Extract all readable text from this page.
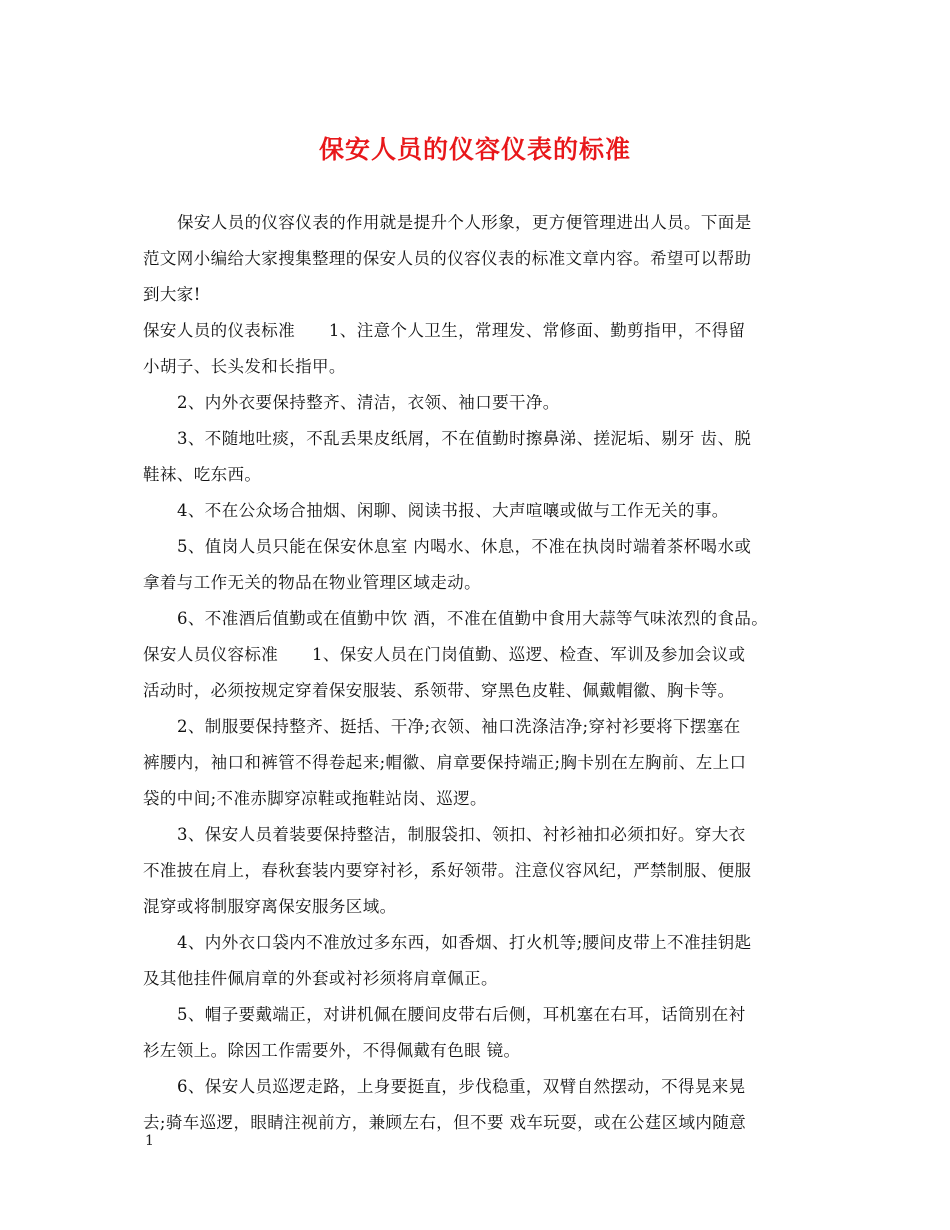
保安人员的仪容仪表的标准
保安人员的仪容仪表的作用就是提升个人形象，更方便管理进出人员。下面是
范文网小编给大家搜集整理的保安人员的仪容仪表的标准文章内容。希望可以帮助
到大家!
保安人员的仪表标准　　1、注意个人卫生，常理发、常修面、勤剪指甲，不得留
小胡子、长头发和长指甲。
2、内外衣要保持整齐、清洁，衣领、袖口要干净。
3、不随地吐痰，不乱丢果皮纸屑，不在值勤时擦鼻涕、搓泥垢、剔牙 齿、脱
鞋袜、吃东西。
4、不在公众场合抽烟、闲聊、阅读书报、大声喧嚷或做与工作无关的事。
5、值岗人员只能在保安休息室 内喝水、休息，不准在执岗时端着茶杯喝水或
拿着与工作无关的物品在物业管理区域走动。
6、不准酒后值勤或在值勤中饮 酒，不准在值勤中食用大蒜等气味浓烈的食品。
保安人员仪容标准　　1、保安人员在门岗值勤、巡逻、检查、军训及参加会议或
活动时，必须按规定穿着保安服装、系领带、穿黑色皮鞋、佩戴帽徽、胸卡等。
2、制服要保持整齐、挺括、干净;衣领、袖口洗涤洁净;穿衬衫要将下摆塞在
裤腰内，袖口和裤管不得卷起来;帽徽、肩章要保持端正;胸卡别在左胸前、左上口
袋的中间;不准赤脚穿凉鞋或拖鞋站岗、巡逻。
3、保安人员着装要保持整洁，制服袋扣、领扣、衬衫袖扣必须扣好。穿大衣
不准披在肩上，春秋套装内要穿衬衫，系好领带。注意仪容风纪，严禁制服、便服
混穿或将制服穿离保安服务区域。
4、内外衣口袋内不准放过多东西，如香烟、打火机等;腰间皮带上不准挂钥匙
及其他挂件佩肩章的外套或衬衫须将肩章佩正。
5、帽子要戴端正，对讲机佩在腰间皮带右后侧，耳机塞在右耳，话筒别在衬
衫左领上。除因工作需要外，不得佩戴有色眼 镜。
6、保安人员巡逻走路，上身要挺直，步伐稳重，双臂自然摆动，不得晃来晃
去;骑车巡逻，眼睛注视前方，兼顾左右，但不要 戏车玩耍，或在公莛区域内随意
1
